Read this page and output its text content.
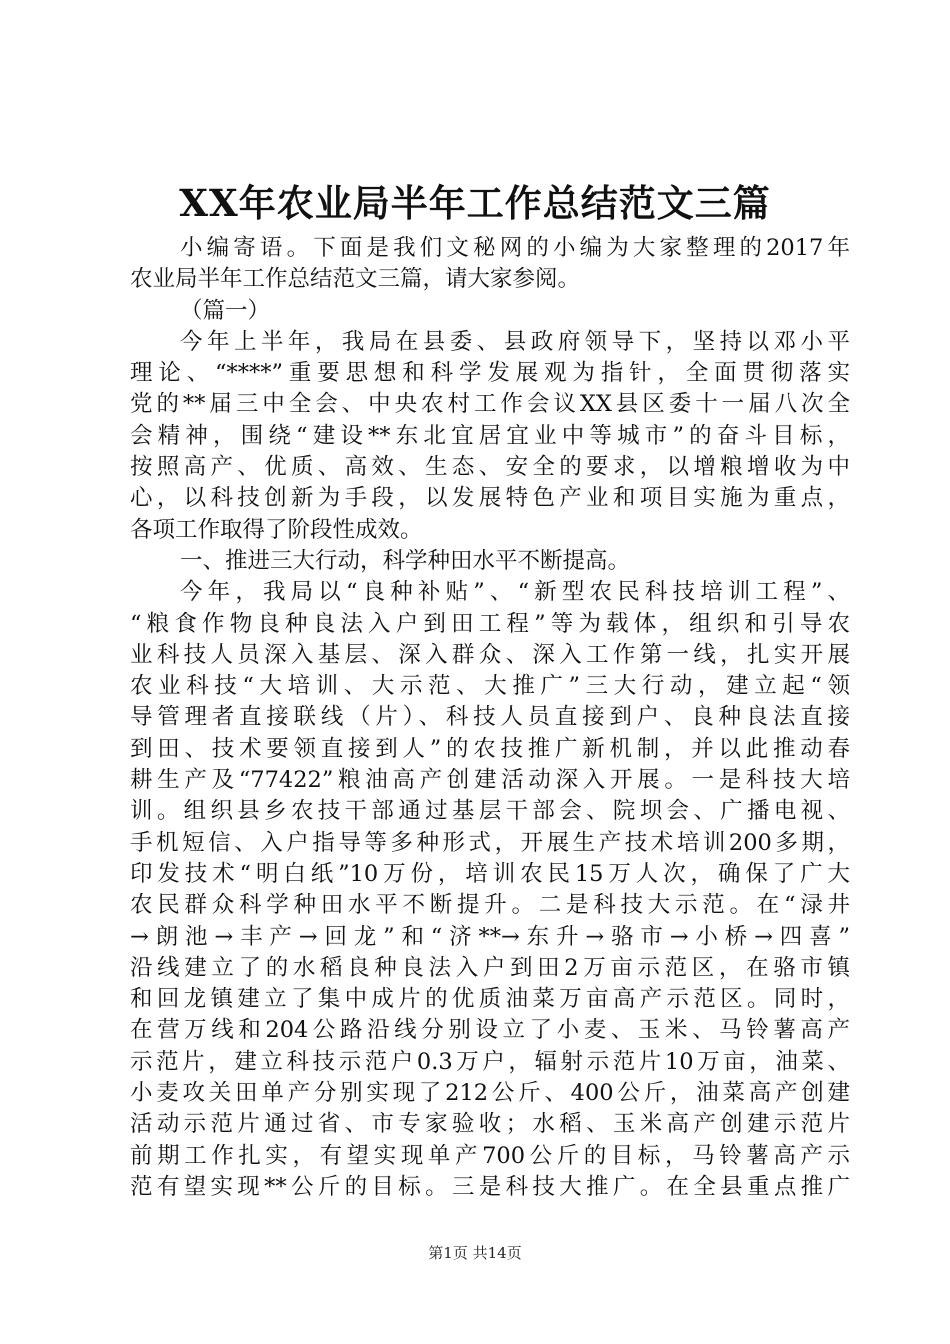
XX年农业局半年工作总结范文三篇
小编寄语。下面是我们文秘网的小编为大家整理的2017年
农业局半年工作总结范文三篇，请大家参阅。
（篇一）
今年上半年，我局在县委、县政府领导下，坚持以邓小平
理论、“****”重要思想和科学发展观为指针，全面贯彻落实
党的**届三中全会、中央农村工作会议XX县区委十一届八次全
会精神，围绕“建设**东北宜居宜业中等城市”的奋斗目标，
按照高产、优质、高效、生态、安全的要求，以增粮增收为中
心，以科技创新为手段，以发展特色产业和项目实施为重点，
各项工作取得了阶段性成效。
一、推进三大行动，科学种田水平不断提高。
今年，我局以“良种补贴”、“新型农民科技培训工程”、
“粮食作物良种良法入户到田工程”等为载体，组织和引导农
业科技人员深入基层、深入群众、深入工作第一线，扎实开展
农业科技“大培训、大示范、大推广”三大行动，建立起“领
导管理者直接联线（片）、科技人员直接到户、良种良法直接
到田、技术要领直接到人”的农技推广新机制，并以此推动春
耕生产及“77422”粮油高产创建活动深入开展。一是科技大培
训。组织县乡农技干部通过基层干部会、院坝会、广播电视、
手机短信、入户指导等多种形式，开展生产技术培训200多期，
印发技术“明白纸”10万份，培训农民15万人次，确保了广大
农民群众科学种田水平不断提升。二是科技大示范。在“渌井
→朗池→丰产→回龙”和“济**→东升→骆市→小桥→四喜”
沿线建立了的水稻良种良法入户到田2万亩示范区，在骆市镇
和回龙镇建立了集中成片的优质油菜万亩高产示范区。同时，
在营万线和204公路沿线分别设立了小麦、玉米、马铃薯高产
示范片，建立科技示范户0.3万户，辐射示范片10万亩，油菜、
小麦攻关田单产分别实现了212公斤、400公斤，油菜高产创建
活动示范片通过省、市专家验收；水稻、玉米高产创建示范片
前期工作扎实，有望实现单产700公斤的目标，马铃薯高产示
范有望实现**公斤的目标。三是科技大推广。在全县重点推广
第1页 共14页
